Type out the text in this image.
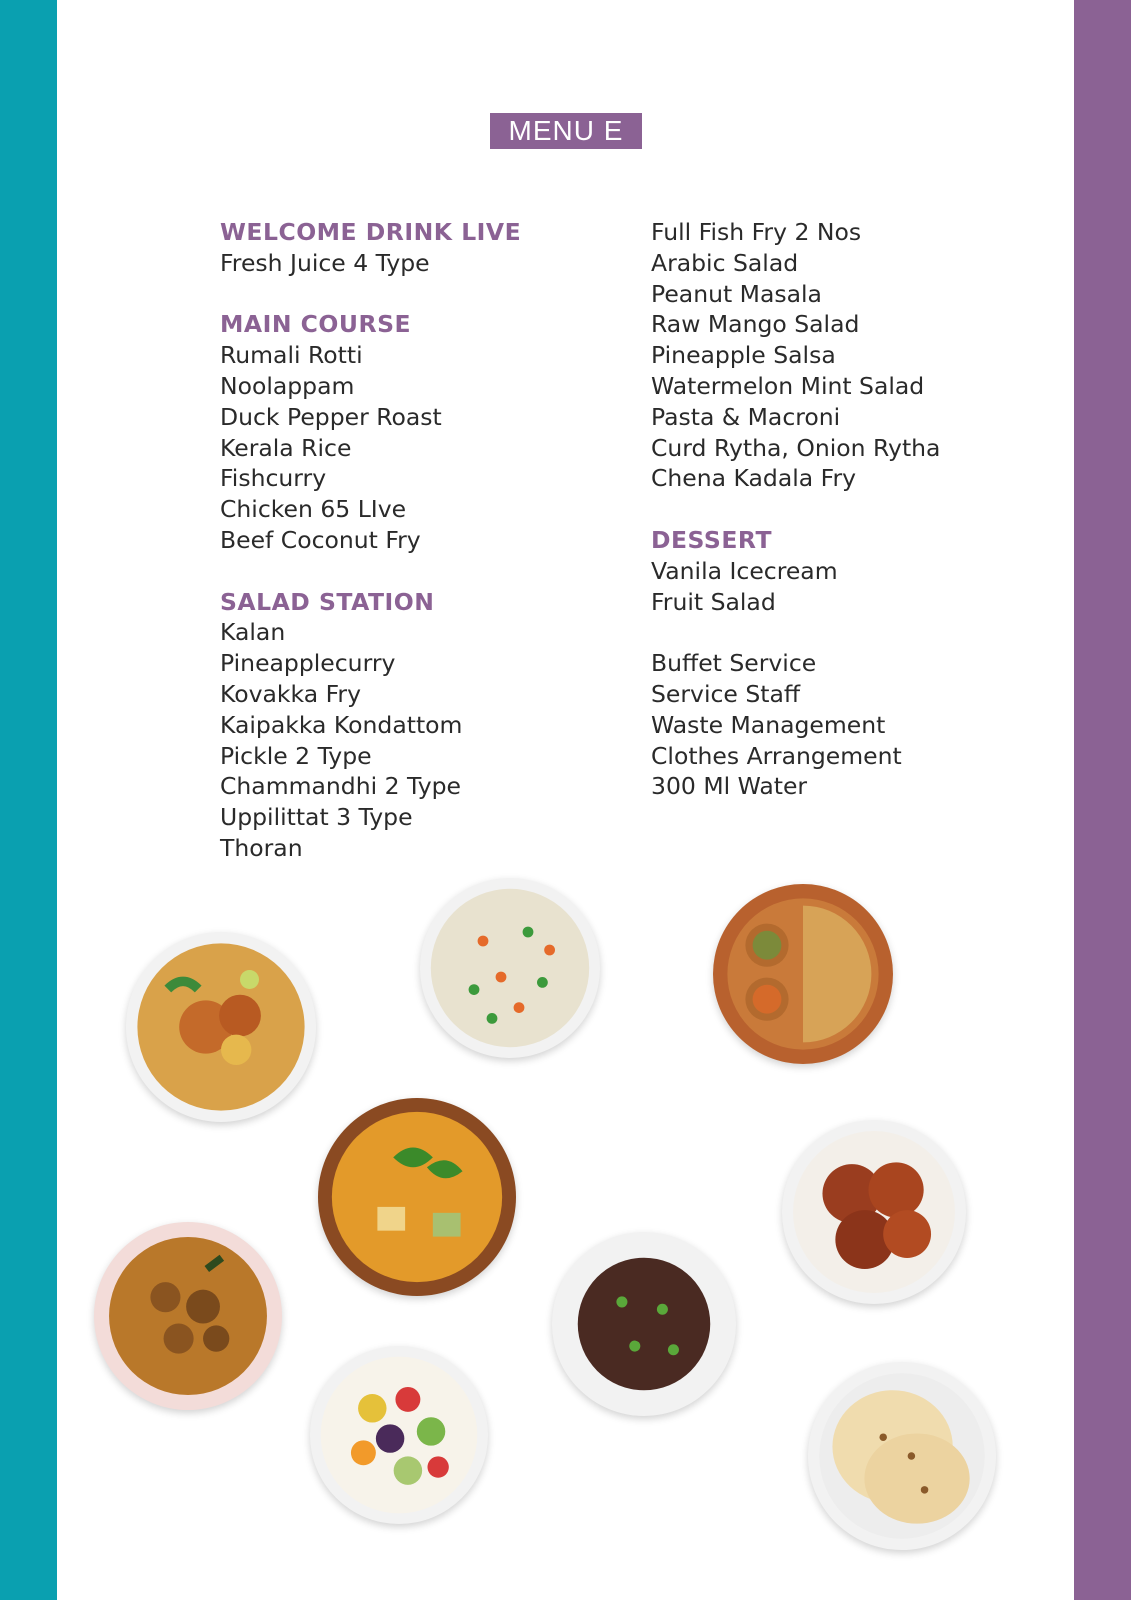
MENU E
WELCOME DRINK LIVE
Fresh Juice 4 Type
MAIN COURSE
Rumali Rotti
Noolappam
Duck Pepper Roast
Kerala Rice
Fishcurry
Chicken 65 LIve
Beef Coconut Fry
SALAD STATION
Kalan
Pineapplecurry
Kovakka Fry
Kaipakka Kondattom
Pickle 2 Type
Chammandhi 2 Type
Uppilittat 3 Type
Thoran
Full Fish Fry 2 Nos
Arabic Salad
Peanut Masala
Raw Mango Salad
Pineapple Salsa
Watermelon Mint Salad
Pasta & Macroni
Curd Rytha, Onion Rytha
Chena Kadala Fry
DESSERT
Vanila Icecream
Fruit Salad
Buffet Service
Service Staff
Waste Management
Clothes Arrangement
300 Ml Water
